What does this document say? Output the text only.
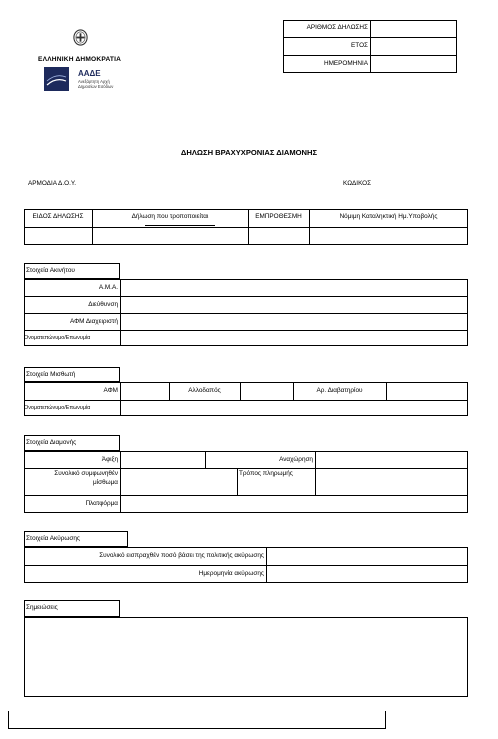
ΕΛΛΗΝΙΚΗ ΔΗΜΟΚΡΑΤΙΑ
ΑΑΔΕ
Ανεξάρτητη Αρχή
Δημοσίων Εσόδων
ΑΡΙΘΜΟΣ ΔΗΛΩΣΗΣ
ΕΤΟΣ
ΗΜΕΡΟΜΗΝΙΑ
ΔΗΛΩΣΗ ΒΡΑΧΥΧΡΟΝΙΑΣ ΔΙΑΜΟΝΗΣ
ΑΡΜΟΔΙΑ Δ.Ο.Υ.	ΚΩΔΙΚΟΣ
ΕΙΔΟΣ ΔΗΛΩΣΗΣ	Δήλωση που τροποποιείται	ΕΜΠΡΟΘΕΣΜΗ	Νόμιμη Καταληκτική Ημ.Υποβολής
Στοιχεία Ακινήτου
Α.Μ.Α.
Διεύθυνση
ΑΦΜ Διαχειριστή
Ονοματεπώνυμο/Επωνυμία
Στοιχεία Μισθωτή
ΑΦΜ	Αλλοδαπός	Αρ. Διαβατηρίου
Ονοματεπώνυμο/Επωνυμία
Στοιχεία Διαμονής
Άφιξη	Αναχώρηση
Συνολικό συμφωνηθέν
μίσθωμα
Τρόπος πληρωμής
Πλατφόρμα
Στοιχεία Ακύρωσης
Συνολικό εισπραχθέν ποσό βάσει της πολιτικής ακύρωσης
Ημερομηνία ακύρωσης
Σημειώσεις
